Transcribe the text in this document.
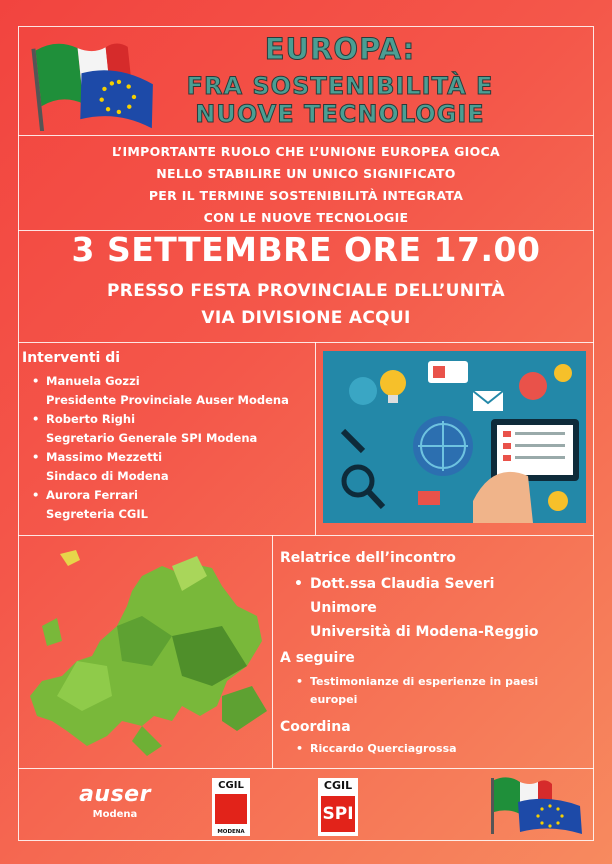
EUROPA:
FRA SOSTENIBILITÀ E
NUOVE TECNOLOGIE
L’IMPORTANTE RUOLO CHE L’UNIONE EUROPEA GIOCA
NELLO STABILIRE UN UNICO SIGNIFICATO
PER IL TERMINE SOSTENIBILITÀ INTEGRATA
CON LE NUOVE TECNOLOGIE
3 SETTEMBRE ORE 17.00
PRESSO FESTA PROVINCIALE DELL’UNITÀ
VIA DIVISIONE ACQUI
Interventi di
• Manuela Gozzi
Presidente Provinciale Auser Modena
• Roberto Righi
Segretario Generale SPI Modena
• Massimo Mezzetti
Sindaco di Modena
• Aurora Ferrari
Segreteria CGIL
Relatrice dell’incontro
• Dott.ssa Claudia Severi
Unimore
Università di Modena-Reggio
A seguire
• Testimonianze di esperienze in paesi
europei
Coordina
• Riccardo Querciagrossa
auser
Modena
CGIL
MODENA
CGIL
SPI
